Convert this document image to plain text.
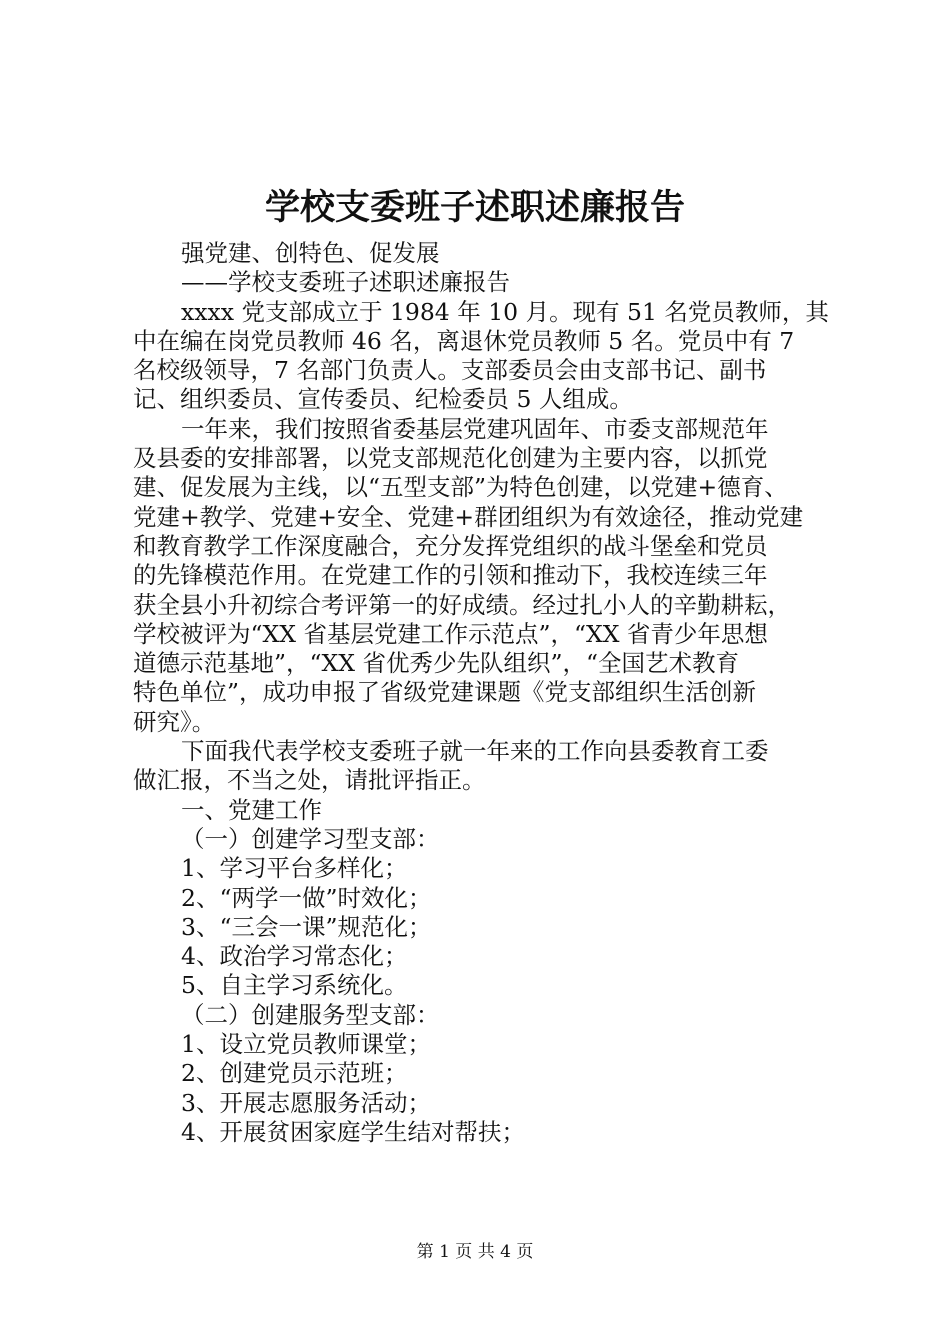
学校支委班子述职述廉报告
强党建、创特色、促发展
——学校支委班子述职述廉报告
xxxx 党支部成立于 1984 年 10 月。现有 51 名党员教师，其
中在编在岗党员教师 46 名，离退休党员教师 5 名。党员中有 7
名校级领导，7 名部门负责人。支部委员会由支部书记、副书
记、组织委员、宣传委员、纪检委员 5 人组成。
一年来，我们按照省委基层党建巩固年、市委支部规范年
及县委的安排部署，以党支部规范化创建为主要内容，以抓党
建、促发展为主线，以“五型支部”为特色创建，以党建+德育、
党建+教学、党建+安全、党建+群团组织为有效途径，推动党建
和教育教学工作深度融合，充分发挥党组织的战斗堡垒和党员
的先锋模范作用。在党建工作的引领和推动下，我校连续三年
获全县小升初综合考评第一的好成绩。经过扎小人的辛勤耕耘，
学校被评为“XX 省基层党建工作示范点”，“XX 省青少年思想
道德示范基地”，“XX 省优秀少先队组织”，“全国艺术教育
特色单位”，成功申报了省级党建课题《党支部组织生活创新
研究》。
下面我代表学校支委班子就一年来的工作向县委教育工委
做汇报，不当之处，请批评指正。
一、党建工作
（一）创建学习型支部：
1、学习平台多样化；
2、“两学一做”时效化；
3、“三会一课”规范化；
4、政治学习常态化；
5、自主学习系统化。
（二）创建服务型支部：
1、设立党员教师课堂；
2、创建党员示范班；
3、开展志愿服务活动；
4、开展贫困家庭学生结对帮扶；
第 1 页 共 4 页
